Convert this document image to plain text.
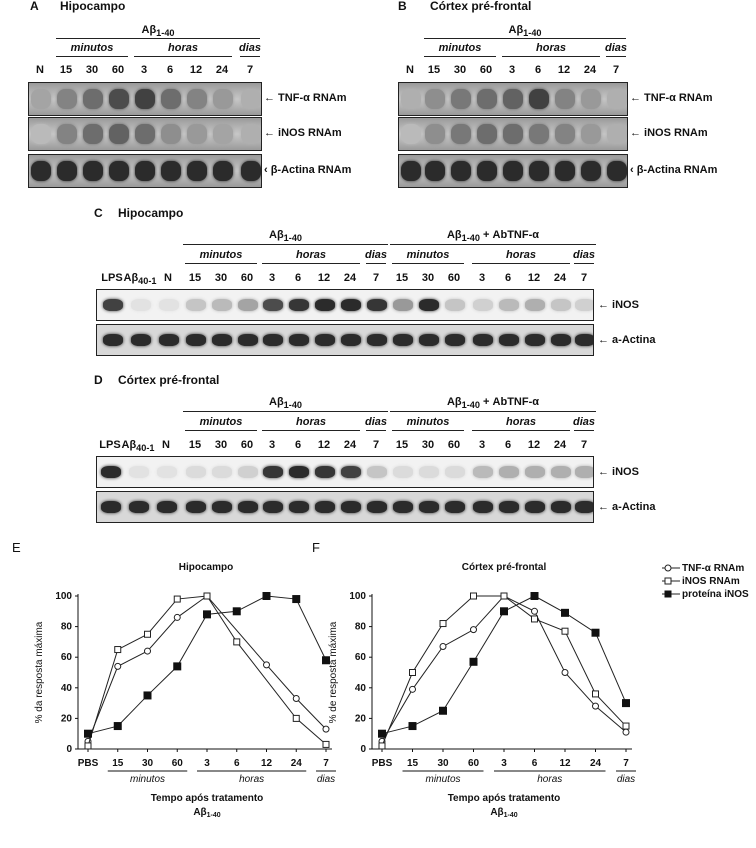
A Hipocampo
$A\beta_{1-40}$
minutos	horas	dias
N 15 30 60 3 6 12 24 7
← TNF-α RNAm
← iNOS RNAm
‹ β-Actina RNAm
B Córtex pré-frontal
$A\beta_{1-40}$
minutos	horas	dias
N 15 30 60 3 6 12 24 7
← TNF-α RNAm
← iNOS RNAm
‹ β-Actina RNAm
C Hipocampo
$A\beta_{1-40}$	$A\beta_{1-40}$ + AbTNF-α
minutos	horas	dias minutos	horas	dias
LPS $A\beta_{40-1}$ N 15 30 60 3 6 12 24 7 15 30 60 3 6 12 24 7
← iNOS
← a-Actina
D Córtex pré-frontal
$A\beta_{1-40}$	$A\beta_{1-40}$ + AbTNF-α
minutos	horas	dias minutos	horas	dias
LPS $A\beta_{40-1}$ N 15 30 60 3 6 12 24 7 15 30 60 3 6 12 24 7
← iNOS
← a-Actina
E
Hipocampo
0
20
40
60
80
100
% da resposta máxima
PBS 15 30 60 3 6 12 24 7
minutos	horas	dias
Tempo após tratamento
$A\beta_{1-40}$
F
Córtex pré-frontal
0
20
40
60
80
100
% de resposta máxima
PBS 15 30 60 3 6 12 24 7
minutos	horas	dias
Tempo após tratamento
$A\beta_{1-40}$
TNF-α RNAm
iNOS RNAm
proteína iNOS
